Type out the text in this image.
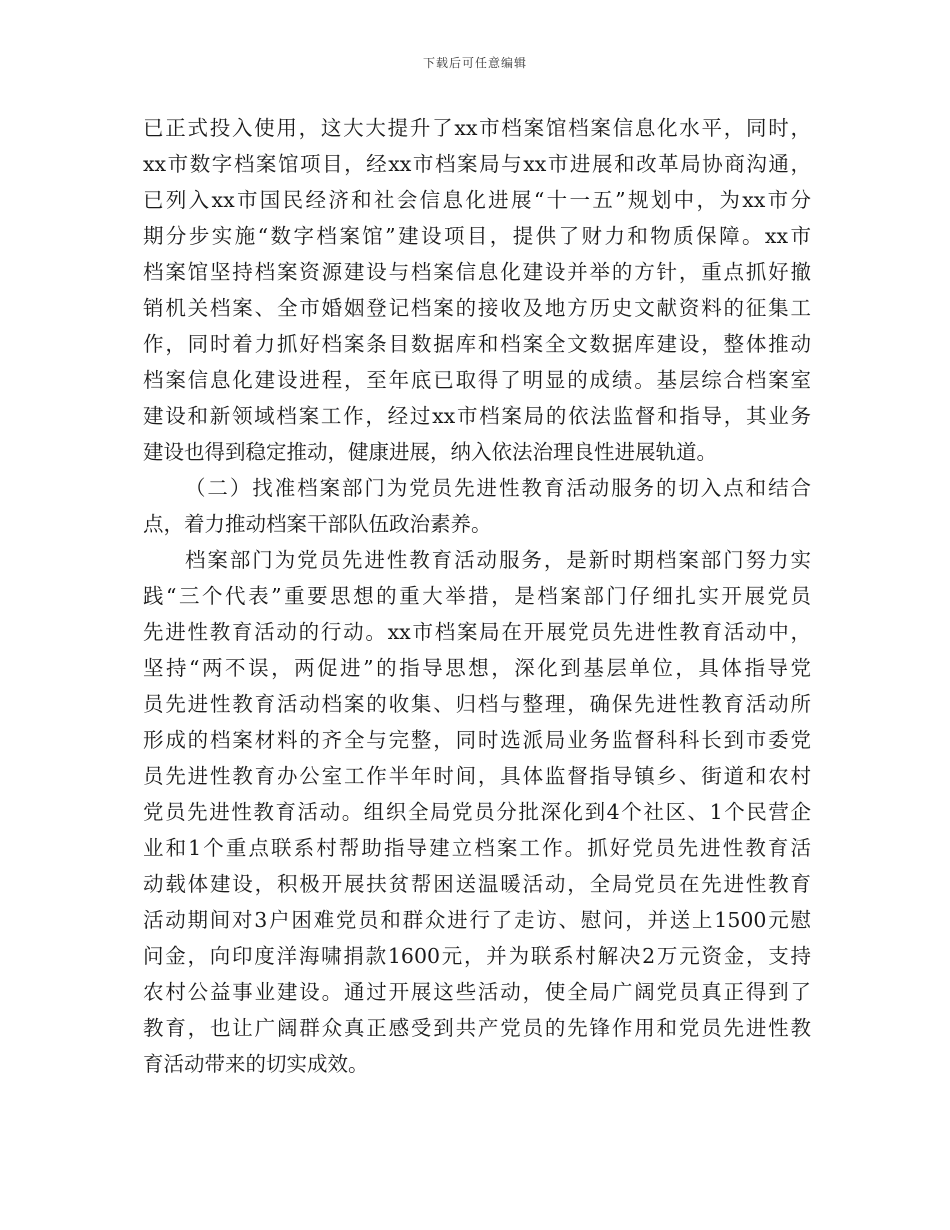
下载后可任意编辑
已正式投入使用，这大大提升了xx市档案馆档案信息化水平，同时，
xx市数字档案馆项目，经xx市档案局与xx市进展和改革局协商沟通，
已列入xx市国民经济和社会信息化进展“十一五”规划中，为xx市分
期分步实施“数字档案馆”建设项目，提供了财力和物质保障。xx市
档案馆坚持档案资源建设与档案信息化建设并举的方针，重点抓好撤
销机关档案、全市婚姻登记档案的接收及地方历史文献资料的征集工
作，同时着力抓好档案条目数据库和档案全文数据库建设，整体推动
档案信息化建设进程，至年底已取得了明显的成绩。基层综合档案室
建设和新领域档案工作，经过xx市档案局的依法监督和指导，其业务
建设也得到稳定推动，健康进展，纳入依法治理良性进展轨道。
（二）找准档案部门为党员先进性教育活动服务的切入点和结合
点，着力推动档案干部队伍政治素养。
档案部门为党员先进性教育活动服务，是新时期档案部门努力实
践“三个代表”重要思想的重大举措，是档案部门仔细扎实开展党员
先进性教育活动的行动。xx市档案局在开展党员先进性教育活动中，
坚持“两不误，两促进”的指导思想，深化到基层单位，具体指导党
员先进性教育活动档案的收集、归档与整理，确保先进性教育活动所
形成的档案材料的齐全与完整，同时选派局业务监督科科长到市委党
员先进性教育办公室工作半年时间，具体监督指导镇乡、街道和农村
党员先进性教育活动。组织全局党员分批深化到4个社区、1个民营企
业和1个重点联系村帮助指导建立档案工作。抓好党员先进性教育活
动载体建设，积极开展扶贫帮困送温暖活动，全局党员在先进性教育
活动期间对3户困难党员和群众进行了走访、慰问，并送上1500元慰
问金，向印度洋海啸捐款1600元，并为联系村解决2万元资金，支持
农村公益事业建设。通过开展这些活动，使全局广阔党员真正得到了
教育，也让广阔群众真正感受到共产党员的先锋作用和党员先进性教
育活动带来的切实成效。
